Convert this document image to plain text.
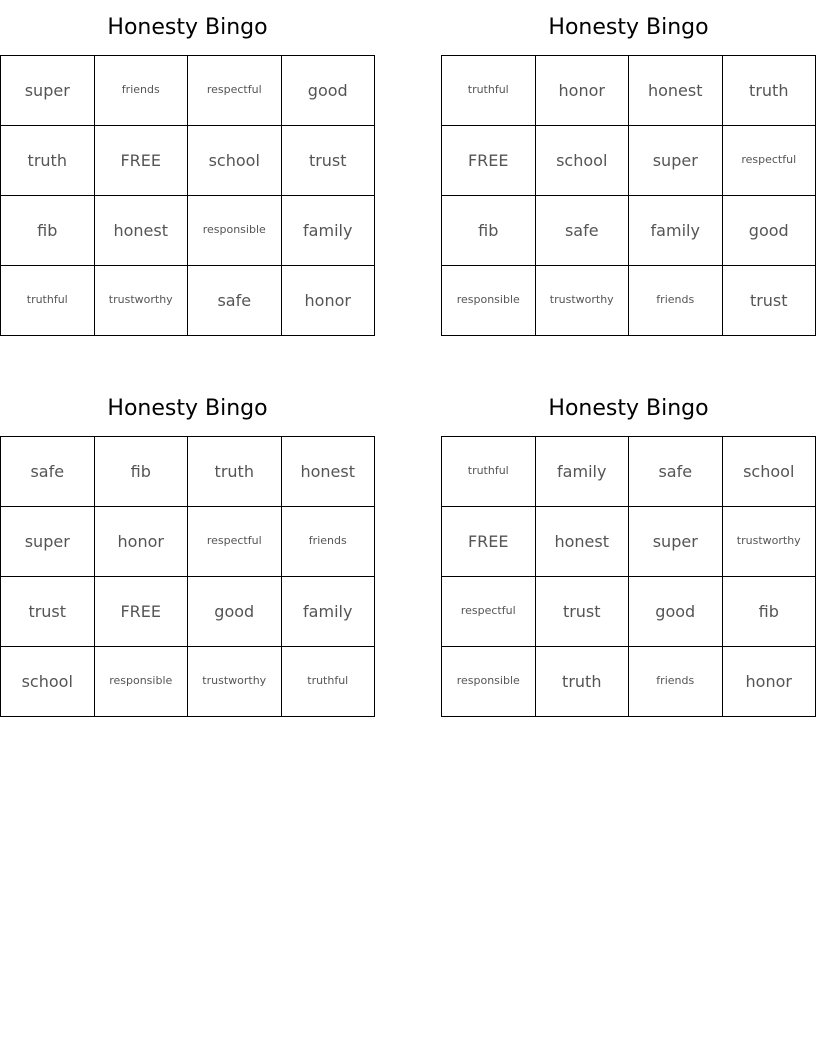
Honesty Bingo
super	friends	respectful	good
truth	FREE	school	trust
fib	honest	responsible	family
truthful	trustworthy	safe	honor
Honesty Bingo
truthful	honor	honest	truth
FREE	school	super	respectful
fib	safe	family	good
responsible	trustworthy	friends	trust
Honesty Bingo
safe	fib	truth	honest
super	honor	respectful	friends
trust	FREE	good	family
school	responsible	trustworthy	truthful
Honesty Bingo
truthful	family	safe	school
FREE	honest	super	trustworthy
respectful	trust	good	fib
responsible	truth	friends	honor
